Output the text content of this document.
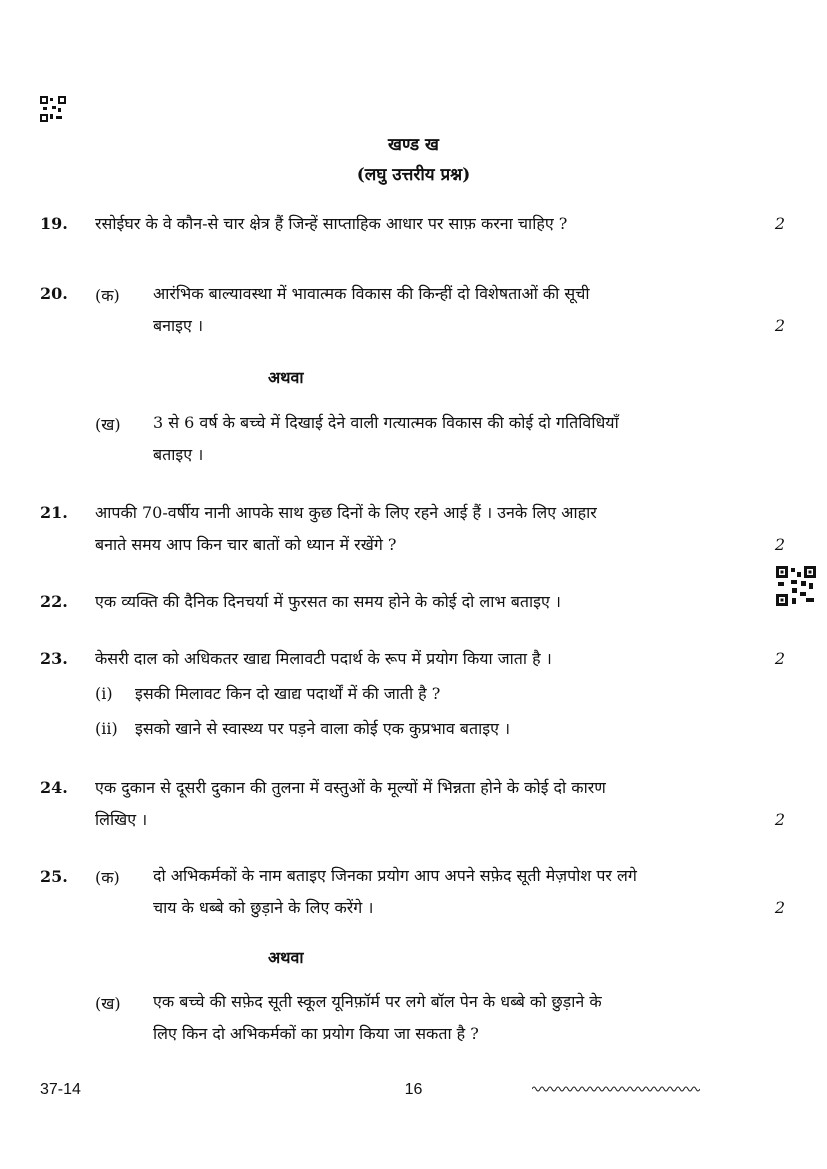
खण्ड ख
(लघु उत्तरीय प्रश्न)
19. रसोईघर के वे कौन-से चार क्षेत्र हैं जिन्हें साप्ताहिक आधार पर साफ़ करना चाहिए ?	2
20. (क) आरंभिक बाल्यावस्था में भावात्मक विकास की किन्हीं दो विशेषताओं की सूची
बनाइए ।	2
अथवा
(ख) 3 से 6 वर्ष के बच्चे में दिखाई देने वाली गत्यात्मक विकास की कोई दो गतिविधियाँ
बताइए ।
21. आपकी 70-वर्षीय नानी आपके साथ कुछ दिनों के लिए रहने आई हैं । उनके लिए आहार
बनाते समय आप किन चार बातों को ध्यान में रखेंगे ?	2
22. एक व्यक्ति की दैनिक दिनचर्या में फुरसत का समय होने के कोई दो लाभ बताइए ।
23. केसरी दाल को अधिकतर खाद्य मिलावटी पदार्थ के रूप में प्रयोग किया जाता है ।	2
(i) इसकी मिलावट किन दो खाद्य पदार्थों में की जाती है ?
(ii) इसको खाने से स्वास्थ्य पर पड़ने वाला कोई एक कुप्रभाव बताइए ।
24. एक दुकान से दूसरी दुकान की तुलना में वस्तुओं के मूल्यों में भिन्नता होने के कोई दो कारण
लिखिए ।	2
25. (क) दो अभिकर्मकों के नाम बताइए जिनका प्रयोग आप अपने सफ़ेद सूती मेज़पोश पर लगे
चाय के धब्बे को छुड़ाने के लिए करेंगे ।	2
अथवा
(ख) एक बच्चे की सफ़ेद सूती स्कूल यूनिफ़ॉर्म पर लगे बॉल पेन के धब्बे को छुड़ाने के
लिए किन दो अभिकर्मकों का प्रयोग किया जा सकता है ?
37-14	16
